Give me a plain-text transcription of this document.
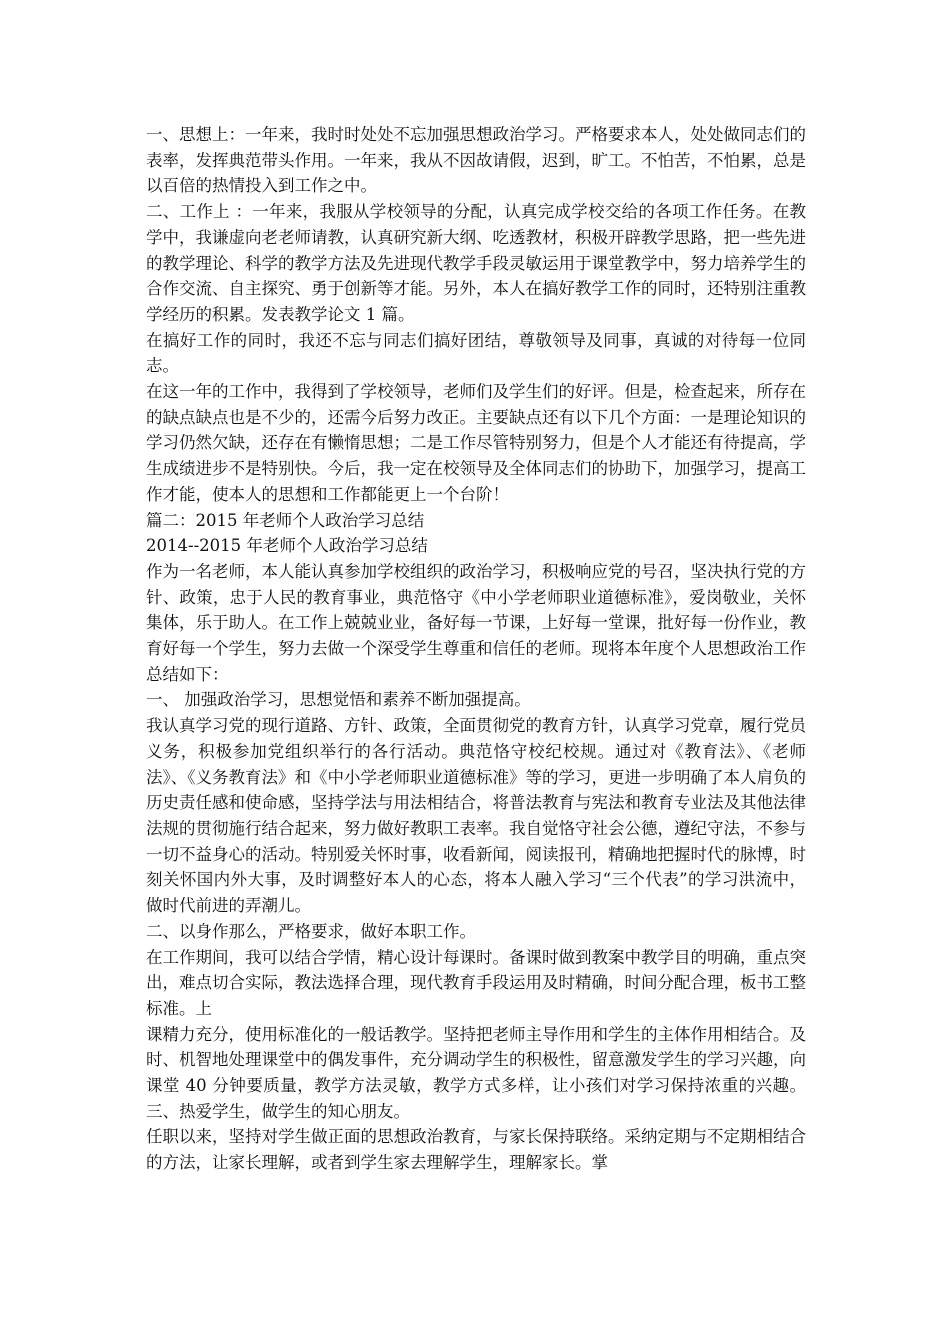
一、思想上：一年来，我时时处处不忘加强思想政治学习。严格要求本人，处处做同志们的表率，发挥典范带头作用。一年来，我从不因故请假，迟到，旷工。不怕苦，不怕累，总是以百倍的热情投入到工作之中。

二、工作上 ：一年来，我服从学校领导的分配，认真完成学校交给的各项工作任务。在教学中，我谦虚向老老师请教，认真研究新大纲、吃透教材，积极开辟教学思路，把一些先进的教学理论、科学的教学方法及先进现代教学手段灵敏运用于课堂教学中，努力培养学生的合作交流、自主探究、勇于创新等才能。另外，本人在搞好教学工作的同时，还特别注重教学经历的积累。发表教学论文 1 篇。

在搞好工作的同时，我还不忘与同志们搞好团结，尊敬领导及同事，真诚的对待每一位同志。

在这一年的工作中，我得到了学校领导，老师们及学生们的好评。但是，检查起来，所存在的缺点缺点也是不少的，还需今后努力改正。主要缺点还有以下几个方面：一是理论知识的学习仍然欠缺，还存在有懒惰思想；二是工作尽管特别努力，但是个人才能还有待提高，学生成绩进步不是特别快。今后，我一定在校领导及全体同志们的协助下，加强学习，提高工作才能，使本人的思想和工作都能更上一个台阶！

篇二：2015 年老师个人政治学习总结

2014--2015 年老师个人政治学习总结

作为一名老师，本人能认真参加学校组织的政治学习，积极响应党的号召，坚决执行党的方针、政策，忠于人民的教育事业，典范恪守《中小学老师职业道德标准》，爱岗敬业，关怀集体，乐于助人。在工作上兢兢业业，备好每一节课，上好每一堂课，批好每一份作业，教育好每一个学生，努力去做一个深受学生尊重和信任的老师。现将本年度个人思想政治工作总结如下：

一、 加强政治学习，思想觉悟和素养不断加强提高。

我认真学习党的现行道路、方针、政策，全面贯彻党的教育方针，认真学习党章，履行党员义务，积极参加党组织举行的各行活动。典范恪守校纪校规。通过对《教育法》、《老师法》、《义务教育法》和《中小学老师职业道德标准》等的学习，更进一步明确了本人肩负的历史责任感和使命感，坚持学法与用法相结合，将普法教育与宪法和教育专业法及其他法律法规的贯彻施行结合起来，努力做好教职工表率。我自觉恪守社会公德，遵纪守法，不参与一切不益身心的活动。特别爱关怀时事，收看新闻，阅读报刊，精确地把握时代的脉博，时刻关怀国内外大事，及时调整好本人的心态，将本人融入学习“三个代表”的学习洪流中，做时代前进的弄潮儿。

二、以身作那么，严格要求，做好本职工作。

在工作期间，我可以结合学情，精心设计每课时。备课时做到教案中教学目的明确，重点突出，难点切合实际，教法选择合理，现代教育手段运用及时精确，时间分配合理，板书工整标准。上

课精力充分，使用标准化的一般话教学。坚持把老师主导作用和学生的主体作用相结合。及时、机智地处理课堂中的偶发事件，充分调动学生的积极性，留意激发学生的学习兴趣，向课堂 40 分钟要质量，教学方法灵敏，教学方式多样，让小孩们对学习保持浓重的兴趣。 三、热爱学生，做学生的知心朋友。

任职以来，坚持对学生做正面的思想政治教育，与家长保持联络。采纳定期与不定期相结合的方法，让家长理解，或者到学生家去理解学生，理解家长。掌
